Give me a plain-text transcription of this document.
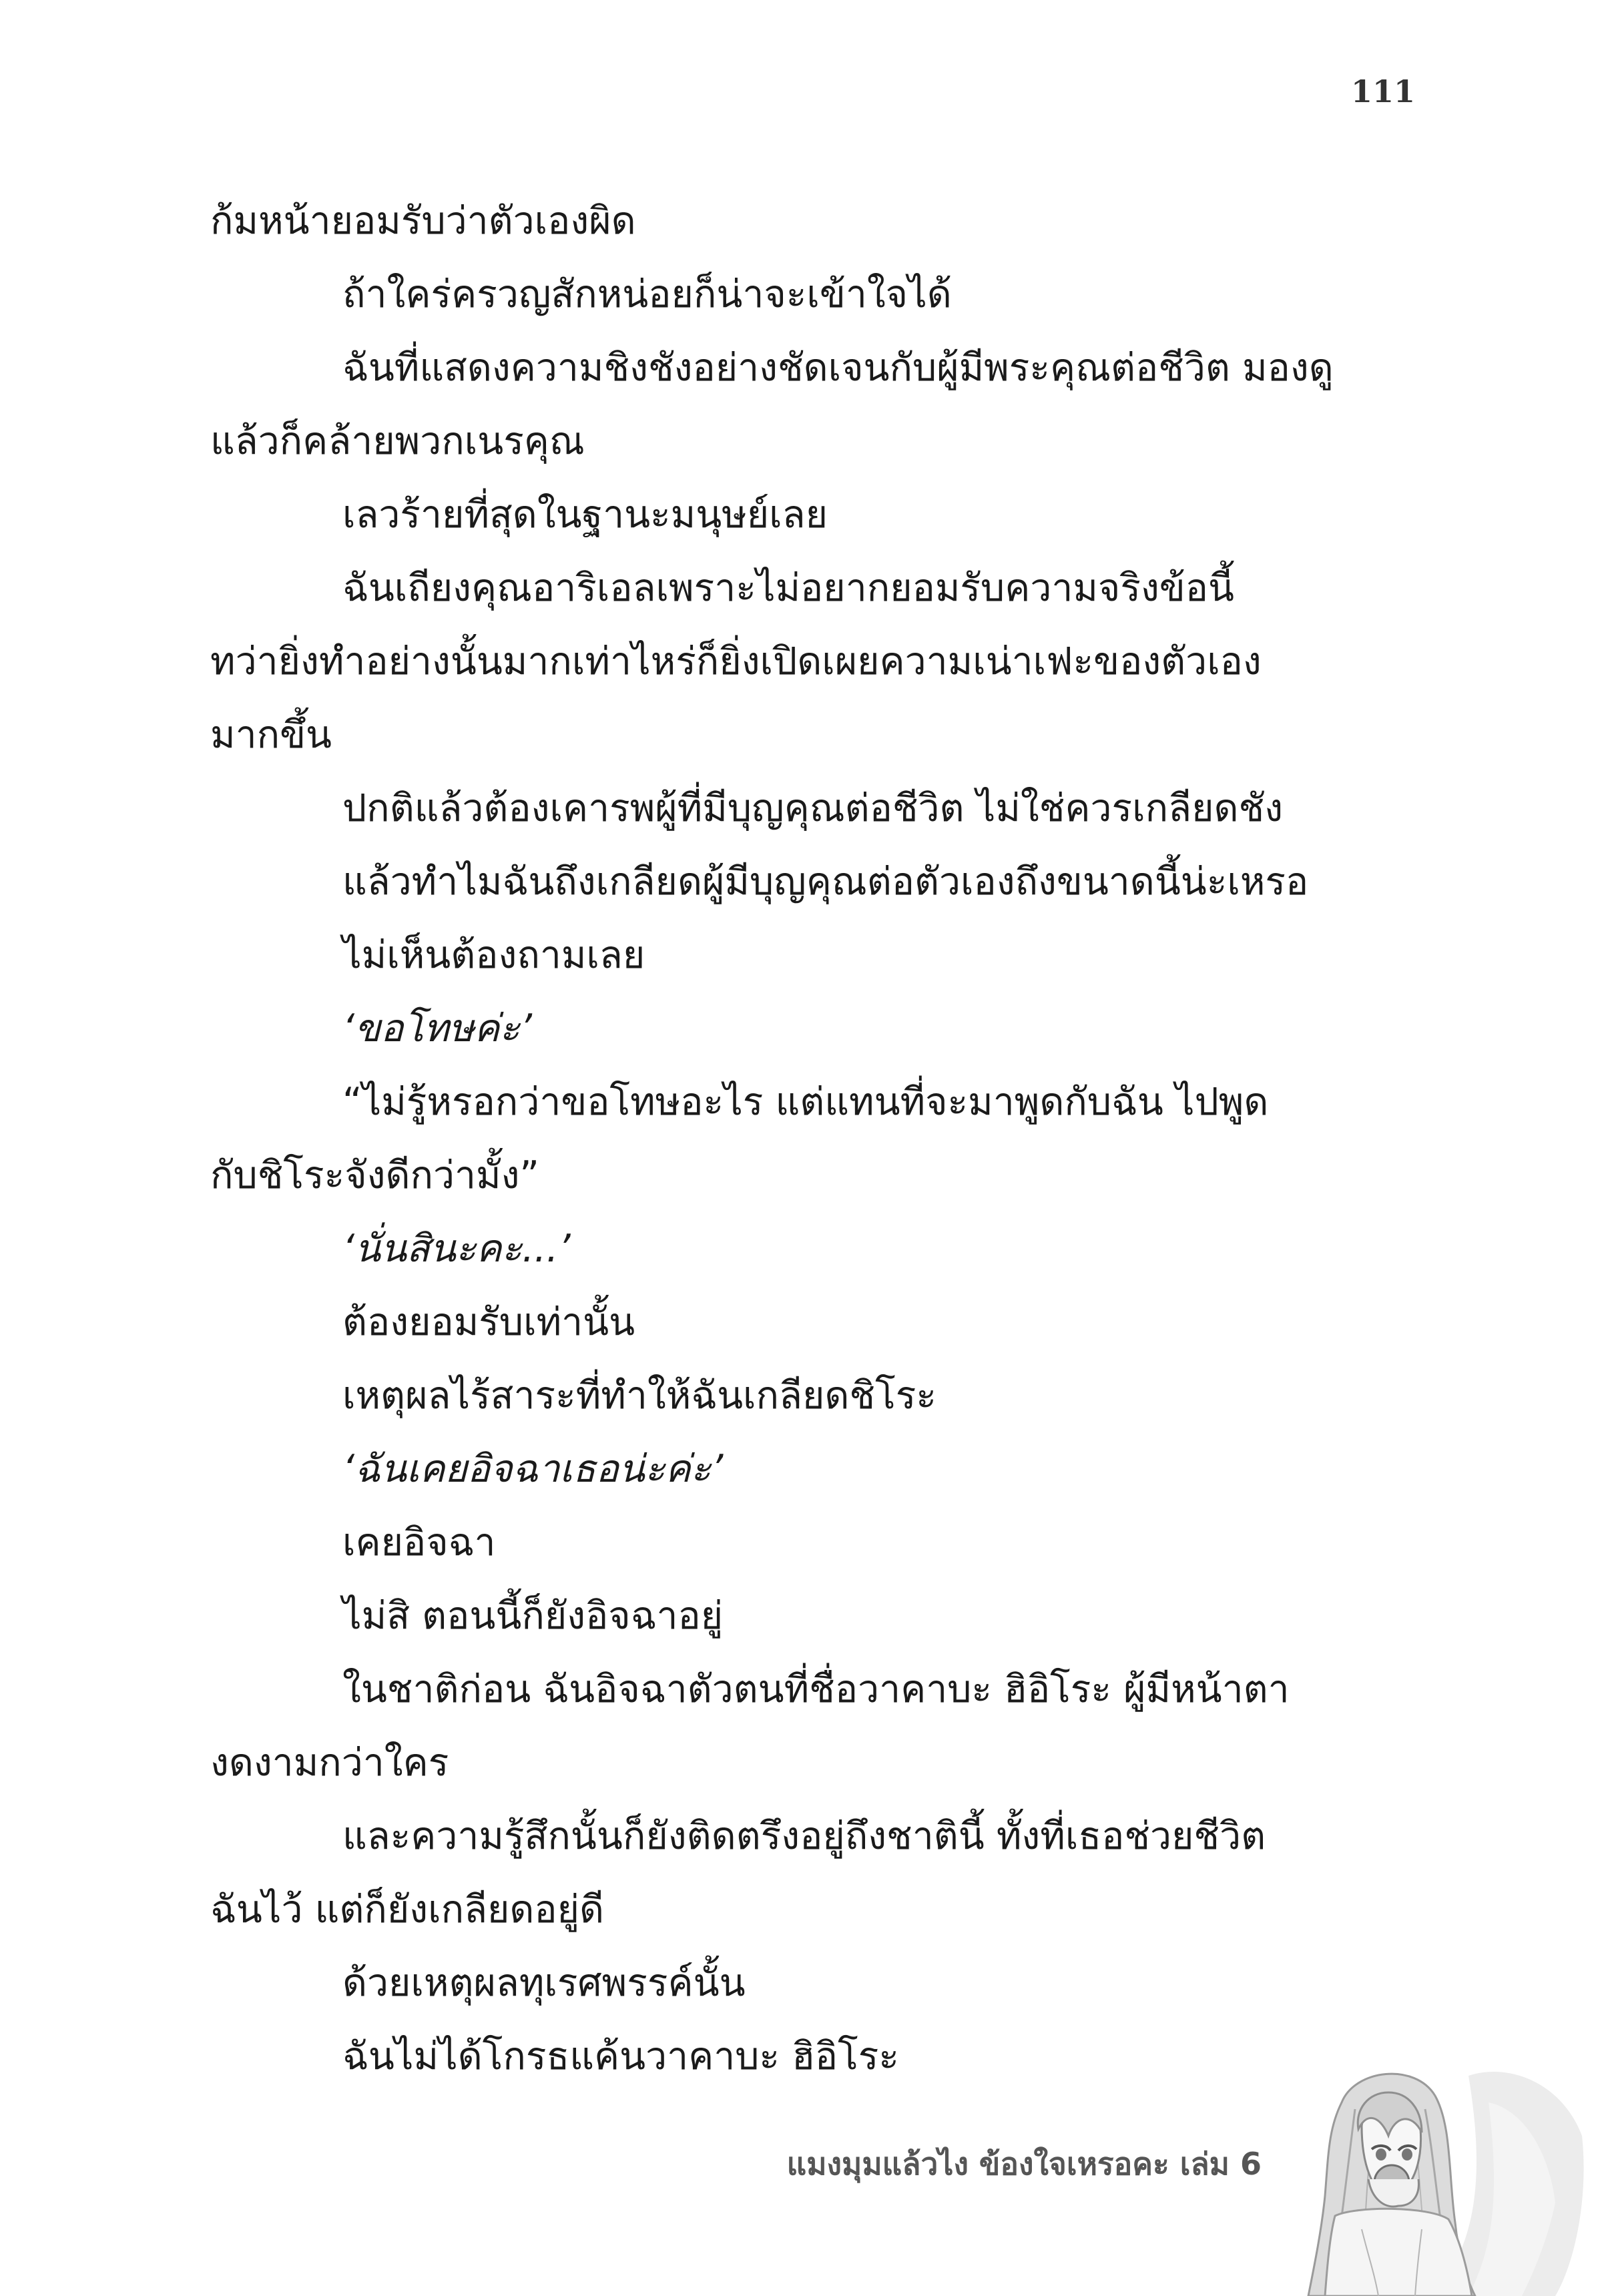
111
ก้มหน้ายอมรับว่าตัวเองผิด
ถ้าใคร่ครวญสักหน่อยก็น่าจะเข้าใจได้
ฉันที่แสดงความชิงชังอย่างชัดเจนกับผู้มีพระคุณต่อชีวิต มองดู
แล้วก็คล้ายพวกเนรคุณ
เลวร้ายที่สุดในฐานะมนุษย์เลย
ฉันเถียงคุณอาริเอลเพราะไม่อยากยอมรับความจริงข้อนี้
ทว่ายิ่งทำอย่างนั้นมากเท่าไหร่ก็ยิ่งเปิดเผยความเน่าเฟะของตัวเอง
มากขึ้น
ปกติแล้วต้องเคารพผู้ที่มีบุญคุณต่อชีวิต ไม่ใช่ควรเกลียดชัง
แล้วทำไมฉันถึงเกลียดผู้มีบุญคุณต่อตัวเองถึงขนาดนี้น่ะเหรอ
ไม่เห็นต้องถามเลย
‘ขอโทษค่ะ’
“ไม่รู้หรอกว่าขอโทษอะไร แต่แทนที่จะมาพูดกับฉัน ไปพูด
กับชิโระจังดีกว่ามั้ง”
‘นั่นสินะคะ...’
ต้องยอมรับเท่านั้น
เหตุผลไร้สาระที่ทำให้ฉันเกลียดชิโระ
‘ฉันเคยอิจฉาเธอน่ะค่ะ’
เคยอิจฉา
ไม่สิ ตอนนี้ก็ยังอิจฉาอยู่
ในชาติก่อน ฉันอิจฉาตัวตนที่ชื่อวาคาบะ ฮิอิโระ ผู้มีหน้าตา
งดงามกว่าใคร
และความรู้สึกนั้นก็ยังติดตรึงอยู่ถึงชาตินี้ ทั้งที่เธอช่วยชีวิต
ฉันไว้ แต่ก็ยังเกลียดอยู่ดี
ด้วยเหตุผลทุเรศพรรค์นั้น
ฉันไม่ได้โกรธแค้นวาคาบะ ฮิอิโระ
แมงมุมแล้วไง ข้องใจเหรอคะ เล่ม 6
